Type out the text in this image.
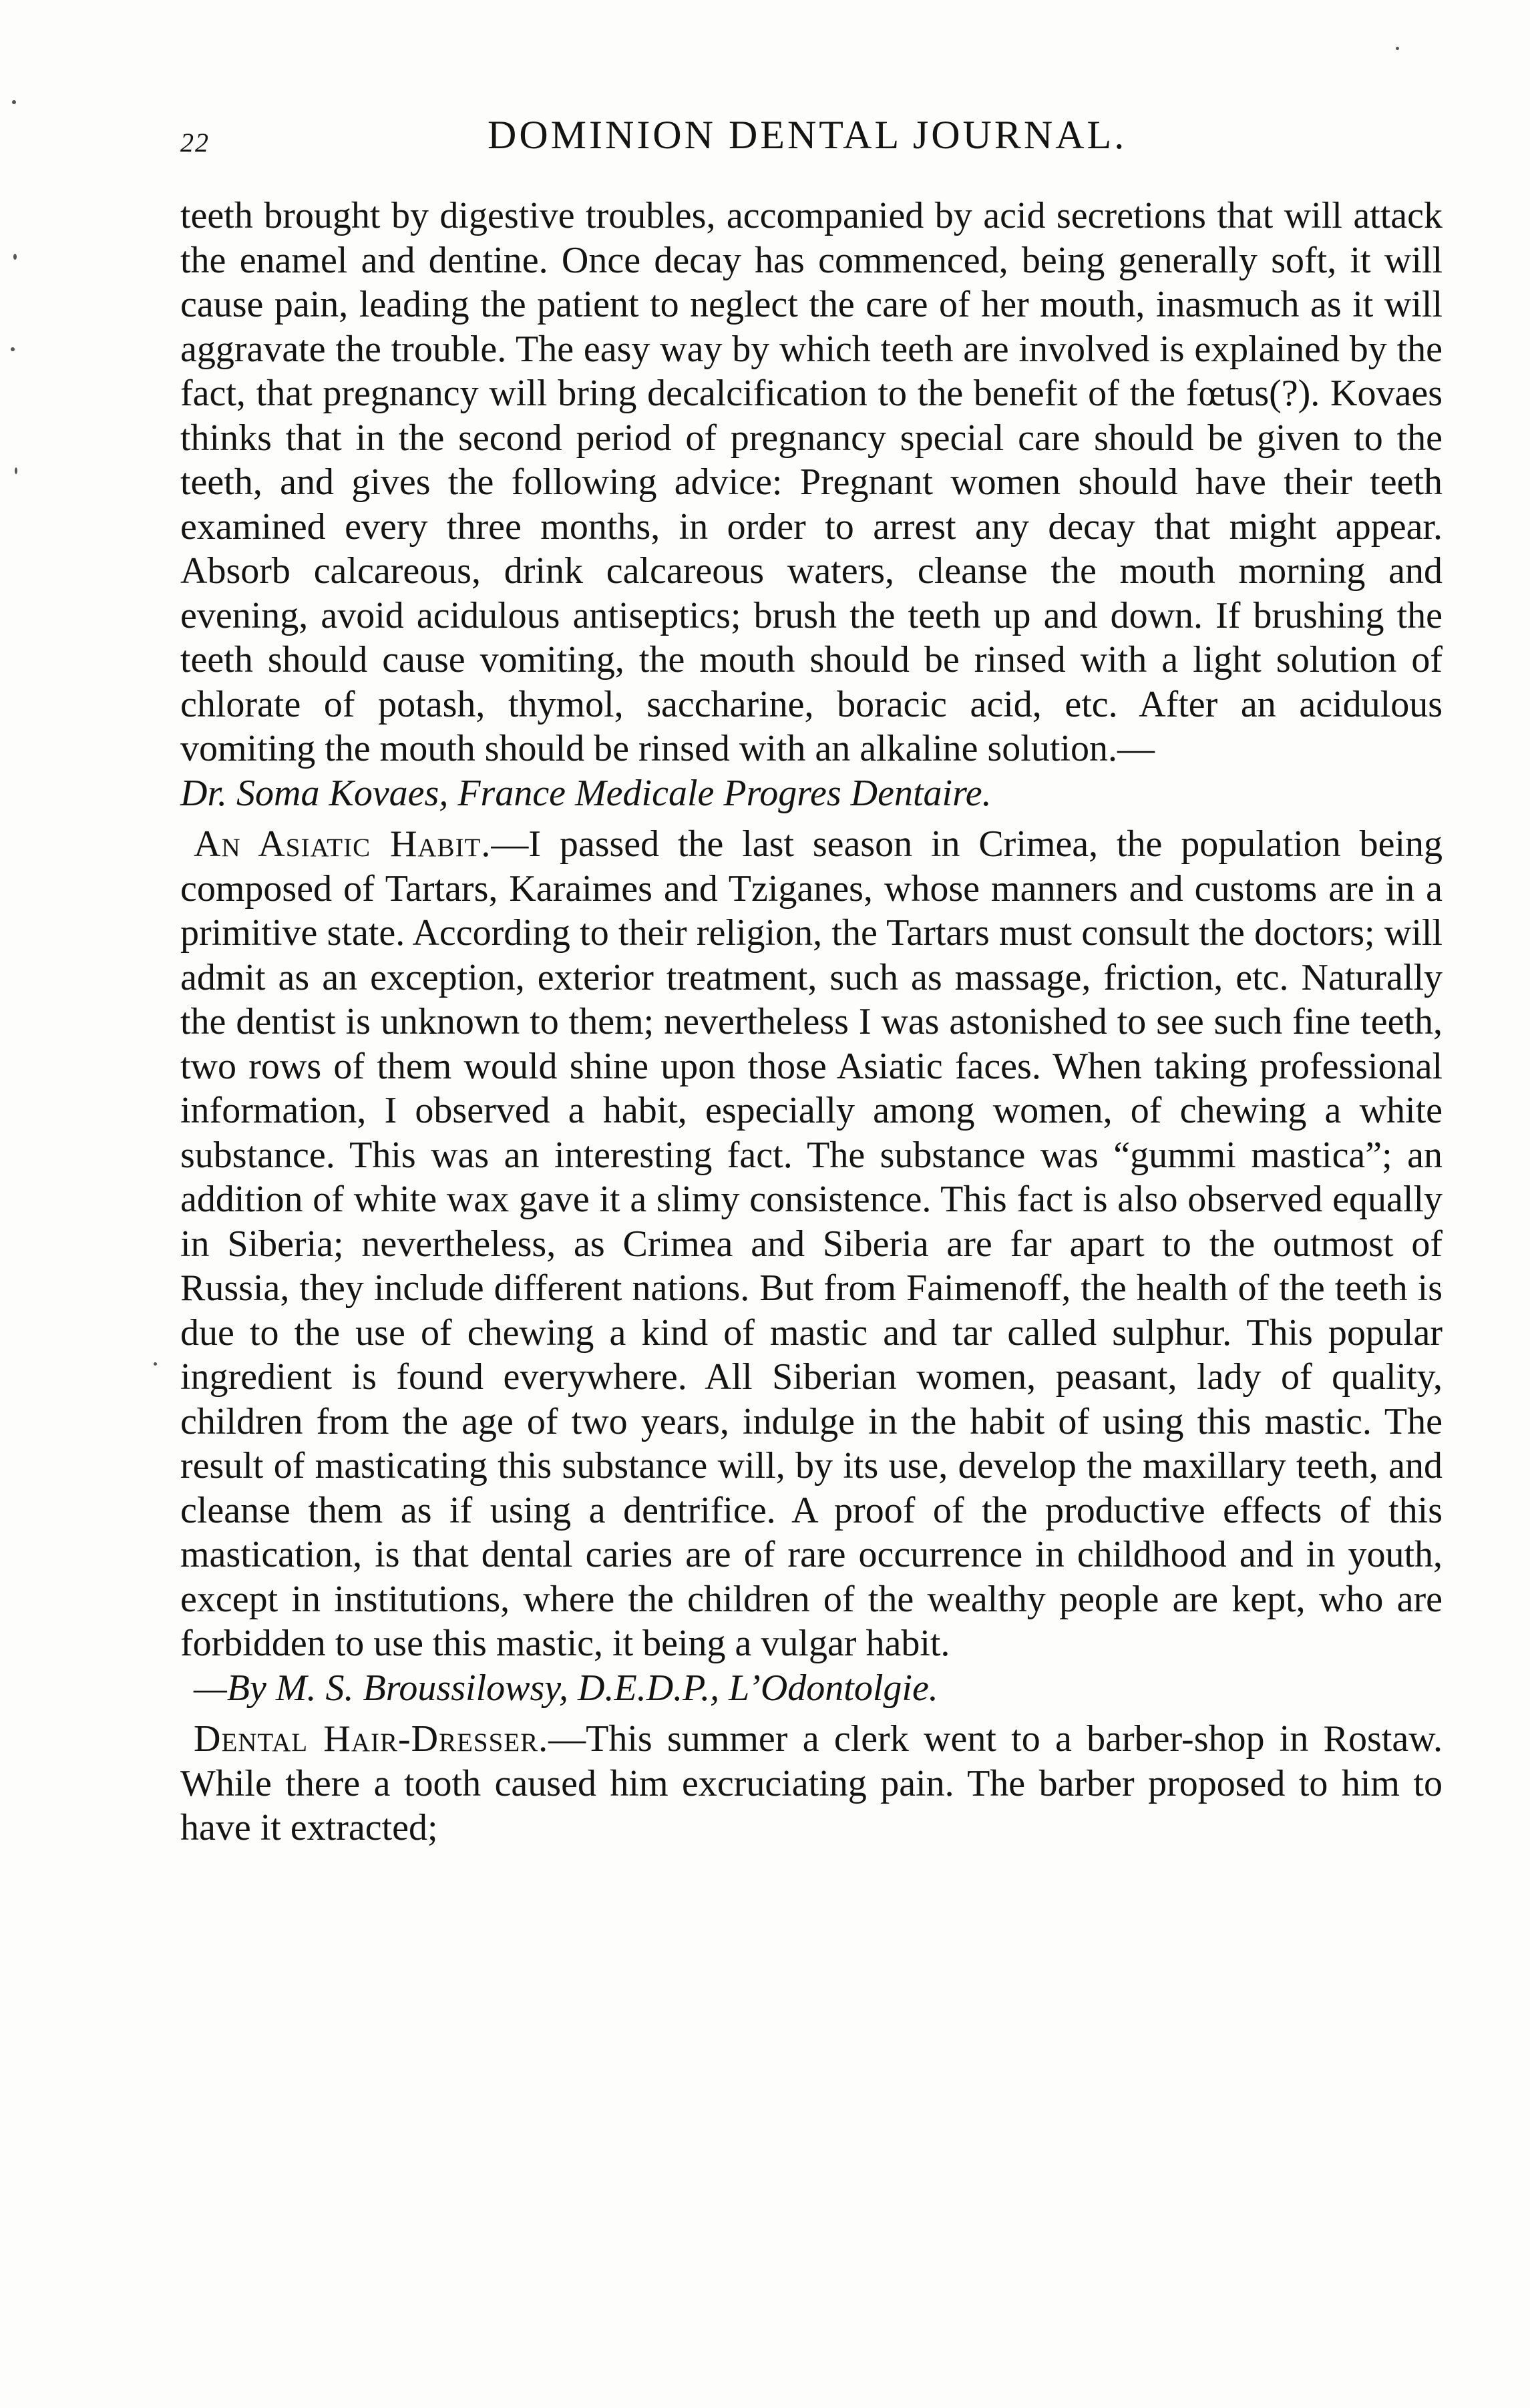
22	DOMINION DENTAL JOURNAL.

teeth brought by digestive troubles, accompanied by acid secretions that will attack the enamel and dentine. Once decay has commenced, being generally soft, it will cause pain, leading the patient to neglect the care of her mouth, inasmuch as it will aggravate the trouble. The easy way by which teeth are involved is explained by the fact, that pregnancy will bring decalcification to the benefit of the fœtus(?). Kovaes thinks that in the second period of pregnancy special care should be given to the teeth, and gives the following advice: Pregnant women should have their teeth examined every three months, in order to arrest any decay that might appear. Absorb calcareous, drink calcareous waters, cleanse the mouth morning and evening, avoid acidulous antiseptics; brush the teeth up and down. If brushing the teeth should cause vomiting, the mouth should be rinsed with a light solution of chlorate of potash, thymol, saccharine, boracic acid, etc. After an acidulous vomiting the mouth should be rinsed with an alkaline solution.—
Dr. Soma Kovaes, France Medicale Progres Dentaire.

An Asiatic Habit.—I passed the last season in Crimea, the population being composed of Tartars, Karaimes and Tziganes, whose manners and customs are in a primitive state. According to their religion, the Tartars must consult the doctors; will admit as an exception, exterior treatment, such as massage, friction, etc. Naturally the dentist is unknown to them; nevertheless I was astonished to see such fine teeth, two rows of them would shine upon those Asiatic faces. When taking professional information, I observed a habit, especially among women, of chewing a white substance. This was an interesting fact. The substance was “gummi mastica”; an addition of white wax gave it a slimy consistence. This fact is also observed equally in Siberia; nevertheless, as Crimea and Siberia are far apart to the outmost of Russia, they include different nations. But from Faimenoff, the health of the teeth is due to the use of chewing a kind of mastic and tar called sulphur. This popular ingredient is found everywhere. All Siberian women, peasant, lady of quality, children from the age of two years, indulge in the habit of using this mastic. The result of masticating this substance will, by its use, develop the maxillary teeth, and cleanse them as if using a dentrifice. A proof of the productive effects of this mastication, is that dental caries are of rare occurrence in childhood and in youth, except in institutions, where the children of the wealthy people are kept, who are forbidden to use this mastic, it being a vulgar habit.
—By M. S. Broussilowsy, D.E.D.P., L’Odontolgie.

Dental Hair-Dresser.—This summer a clerk went to a barber-shop in Rostaw. While there a tooth caused him excruciating pain. The barber proposed to him to have it extracted;
